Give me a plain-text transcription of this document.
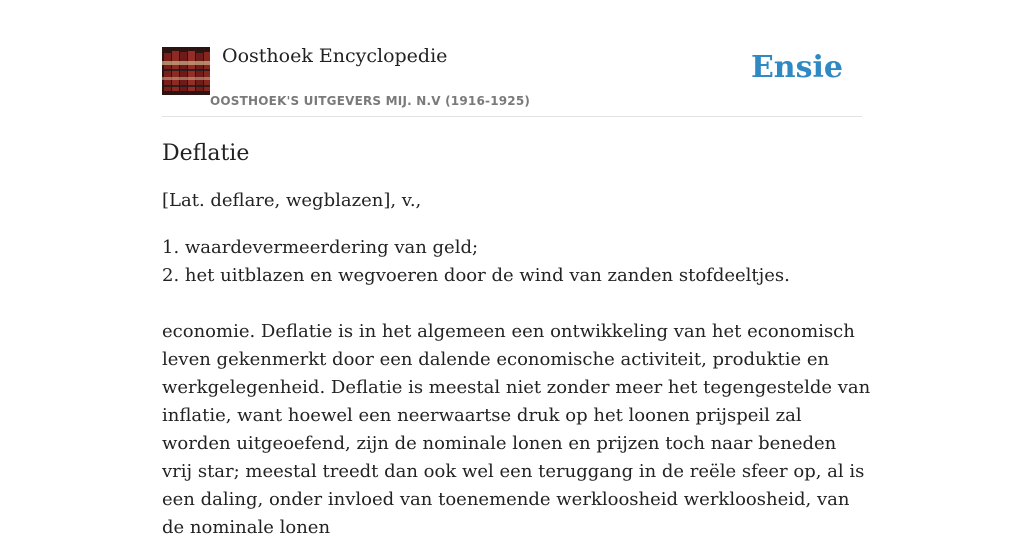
Oosthoek Encyclopedie
OOSTHOEK'S UITGEVERS MIJ. N.V (1916-1925)
Ensie
Deflatie

[Lat. deflare, wegblazen], v.,

1. waardevermeerdering van geld;
2. het uitblazen en wegvoeren door de wind van zanden stofdeeltjes.

economie. Deflatie is in het algemeen een ontwikkeling van het economisch leven gekenmerkt door een dalende economische activiteit, produktie en werkgelegenheid. Deflatie is meestal niet zonder meer het tegengestelde van inflatie, want hoewel een neerwaartse druk op het loonen prijspeil zal worden uitgeoefend, zijn de nominale lonen en prijzen toch naar beneden vrij star; meestal treedt dan ook wel een teruggang in de reële sfeer op, al is een daling, onder invloed van toenemende werkloosheid werkloosheid, van de nominale lonen
